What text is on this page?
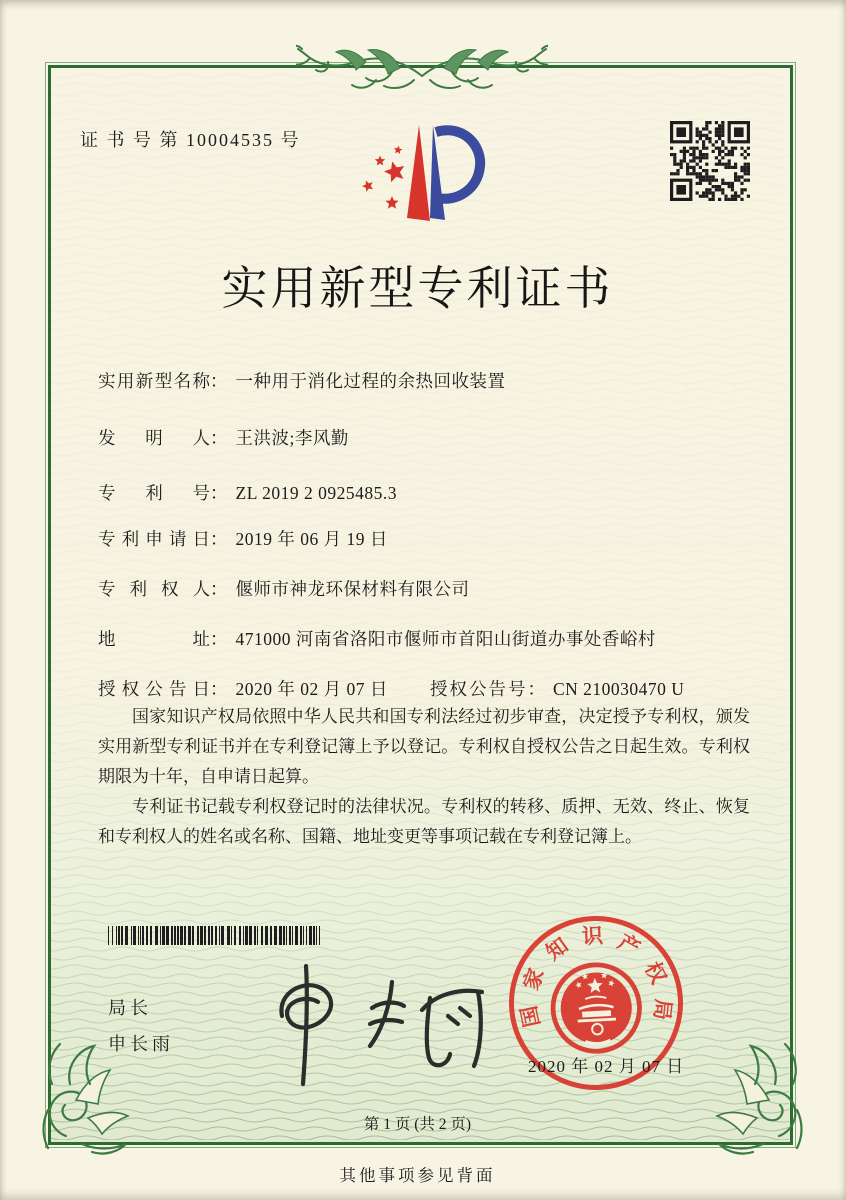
证 书 号 第 10004535 号
实用新型专利证书
实用新型名称： 一种用于消化过程的余热回收装置
发明人： 王洪波;李风勤
专利号： ZL 2019 2 0925485.3
专利申请日： 2019 年 06 月 19 日
专利权人： 偃师市神龙环保材料有限公司
地址： 471000 河南省洛阳市偃师市首阳山街道办事处香峪村
授权公告日： 2020 年 02 月 07 日 授权公告号： CN 210030470 U

国家知识产权局依照中华人民共和国专利法经过初步审查，决定授予专利权，颁发实用新型专利证书并在专利登记簿上予以登记。专利权自授权公告之日起生效。专利权期限为十年，自申请日起算。

专利证书记载专利权登记时的法律状况。专利权的转移、质押、无效、终止、恢复和专利权人的姓名或名称、国籍、地址变更等事项记载在专利登记簿上。

局长
申长雨
国
家
知 识 产
权
局
2020 年 02 月 07 日
第 1 页 (共 2 页)
其他事项参见背面
